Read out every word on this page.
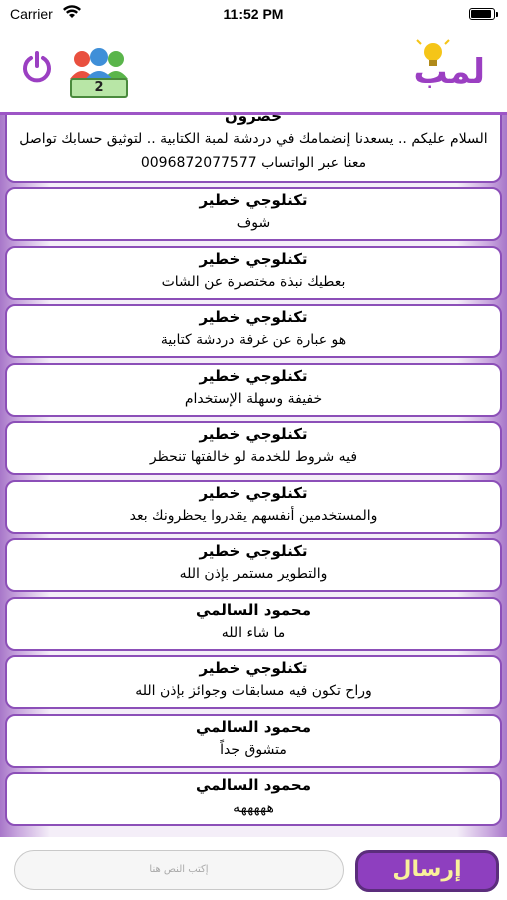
Carrier	11:52 PM
2	لمب
حضرون
السلام عليكم .. يسعدنا إنضمامك في دردشة لمبة الكتابية .. لتوثيق حسابك تواصل
معنا عبر الواتساب 0096872077577
تكنلوجي خطير
شوف
تكنلوجي خطير
بعطيك نبذة مختصرة عن الشات
تكنلوجي خطير
هو عبارة عن غرفة دردشة كتابية
تكنلوجي خطير
خفيفة وسهلة الإستخدام
تكنلوجي خطير
فيه شروط للخدمة لو خالفتها تنحظر
تكنلوجي خطير
والمستخدمين أنفسهم يقدروا يحظرونك بعد
تكنلوجي خطير
والتطوير مستمر بإذن الله
محمود السالمي
ما شاء الله
تكنلوجي خطير
وراح تكون فيه مسابقات وجوائز بإذن الله
محمود السالمي
متشوق جداً
محمود السالمي
هههههه
إكتب النص هنا	إرسال
